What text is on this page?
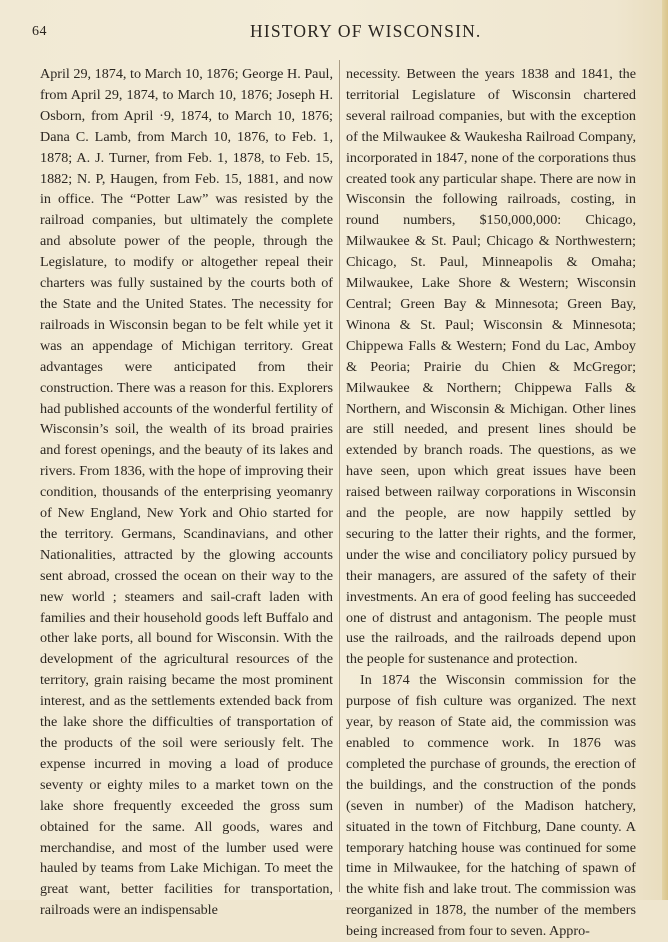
64	HISTORY OF WISCONSIN.

April 29, 1874, to March 10, 1876; George H. Paul, from April 29, 1874, to March 10, 1876; Joseph H. Osborn, from April ·9, 1874, to March 10, 1876; Dana C. Lamb, from March 10, 1876, to Feb. 1, 1878; A. J. Turner, from Feb. 1, 1878, to Feb. 15, 1882; N. P, Haugen, from Feb. 15, 1881, and now in office. The “Potter Law” was resisted by the railroad companies, but ultimately the complete and absolute power of the people, through the Legislature, to modify or altogether repeal their charters was fully sustained by the courts both of the State and the United States. The necessity for railroads in Wisconsin began to be felt while yet it was an appendage of Michigan territory. Great advantages were anticipated from their construction. There was a reason for this. Explorers had published accounts of the wonderful fertility of Wisconsin’s soil, the wealth of its broad prairies and forest openings, and the beauty of its lakes and rivers. From 1836, with the hope of improving their condition, thousands of the enterprising yeomanry of New England, New York and Ohio started for the territory. Germans, Scandinavians, and other Nationalities, attracted by the glowing accounts sent abroad, crossed the ocean on their way to the new world ; steamers and sail-craft laden with families and their household goods left Buffalo and other lake ports, all bound for Wisconsin. With the development of the agricultural resources of the territory, grain raising became the most prominent interest, and as the settlements extended back from the lake shore the difficulties of transportation of the products of the soil were seriously felt. The expense incurred in moving a load of produce seventy or eighty miles to a market town on the lake shore frequently exceeded the gross sum obtained for the same. All goods, wares and merchandise, and most of the lumber used were hauled by teams from Lake Michigan. To meet the great want, better facilities for transportation, railroads were an indispensable

necessity. Between the years 1838 and 1841, the territorial Legislature of Wisconsin chartered several railroad companies, but with the exception of the Milwaukee & Waukesha Railroad Company, incorporated in 1847, none of the corporations thus created took any particular shape. There are now in Wisconsin the following railroads, costing, in round numbers, $150,000,000: Chicago, Milwaukee & St. Paul; Chicago & Northwestern; Chicago, St. Paul, Minneapolis & Omaha; Milwaukee, Lake Shore & Western; Wisconsin Central; Green Bay & Minnesota; Green Bay, Winona & St. Paul; Wisconsin & Minnesota; Chippewa Falls & Western; Fond du Lac, Amboy & Peoria; Prairie du Chien & McGregor; Milwaukee & Northern; Chippewa Falls & Northern, and Wisconsin & Michigan. Other lines are still needed, and present lines should be extended by branch roads. The questions, as we have seen, upon which great issues have been raised between railway corporations in Wisconsin and the people, are now happily settled by securing to the latter their rights, and the former, under the wise and conciliatory policy pursued by their managers, are assured of the safety of their investments. An era of good feeling has succeeded one of distrust and antagonism. The people must use the railroads, and the railroads depend upon the people for sustenance and protection.

In 1874 the Wisconsin commission for the purpose of fish culture was organized. The next year, by reason of State aid, the commission was enabled to commence work. In 1876 was completed the purchase of grounds, the erection of the buildings, and the construction of the ponds (seven in number) of the Madison hatchery, situated in the town of Fitchburg, Dane county. A temporary hatching house was continued for some time in Milwaukee, for the hatching of spawn of the white fish and lake trout. The commission was reorganized in 1878, the number of the members being increased from four to seven. Appro-
